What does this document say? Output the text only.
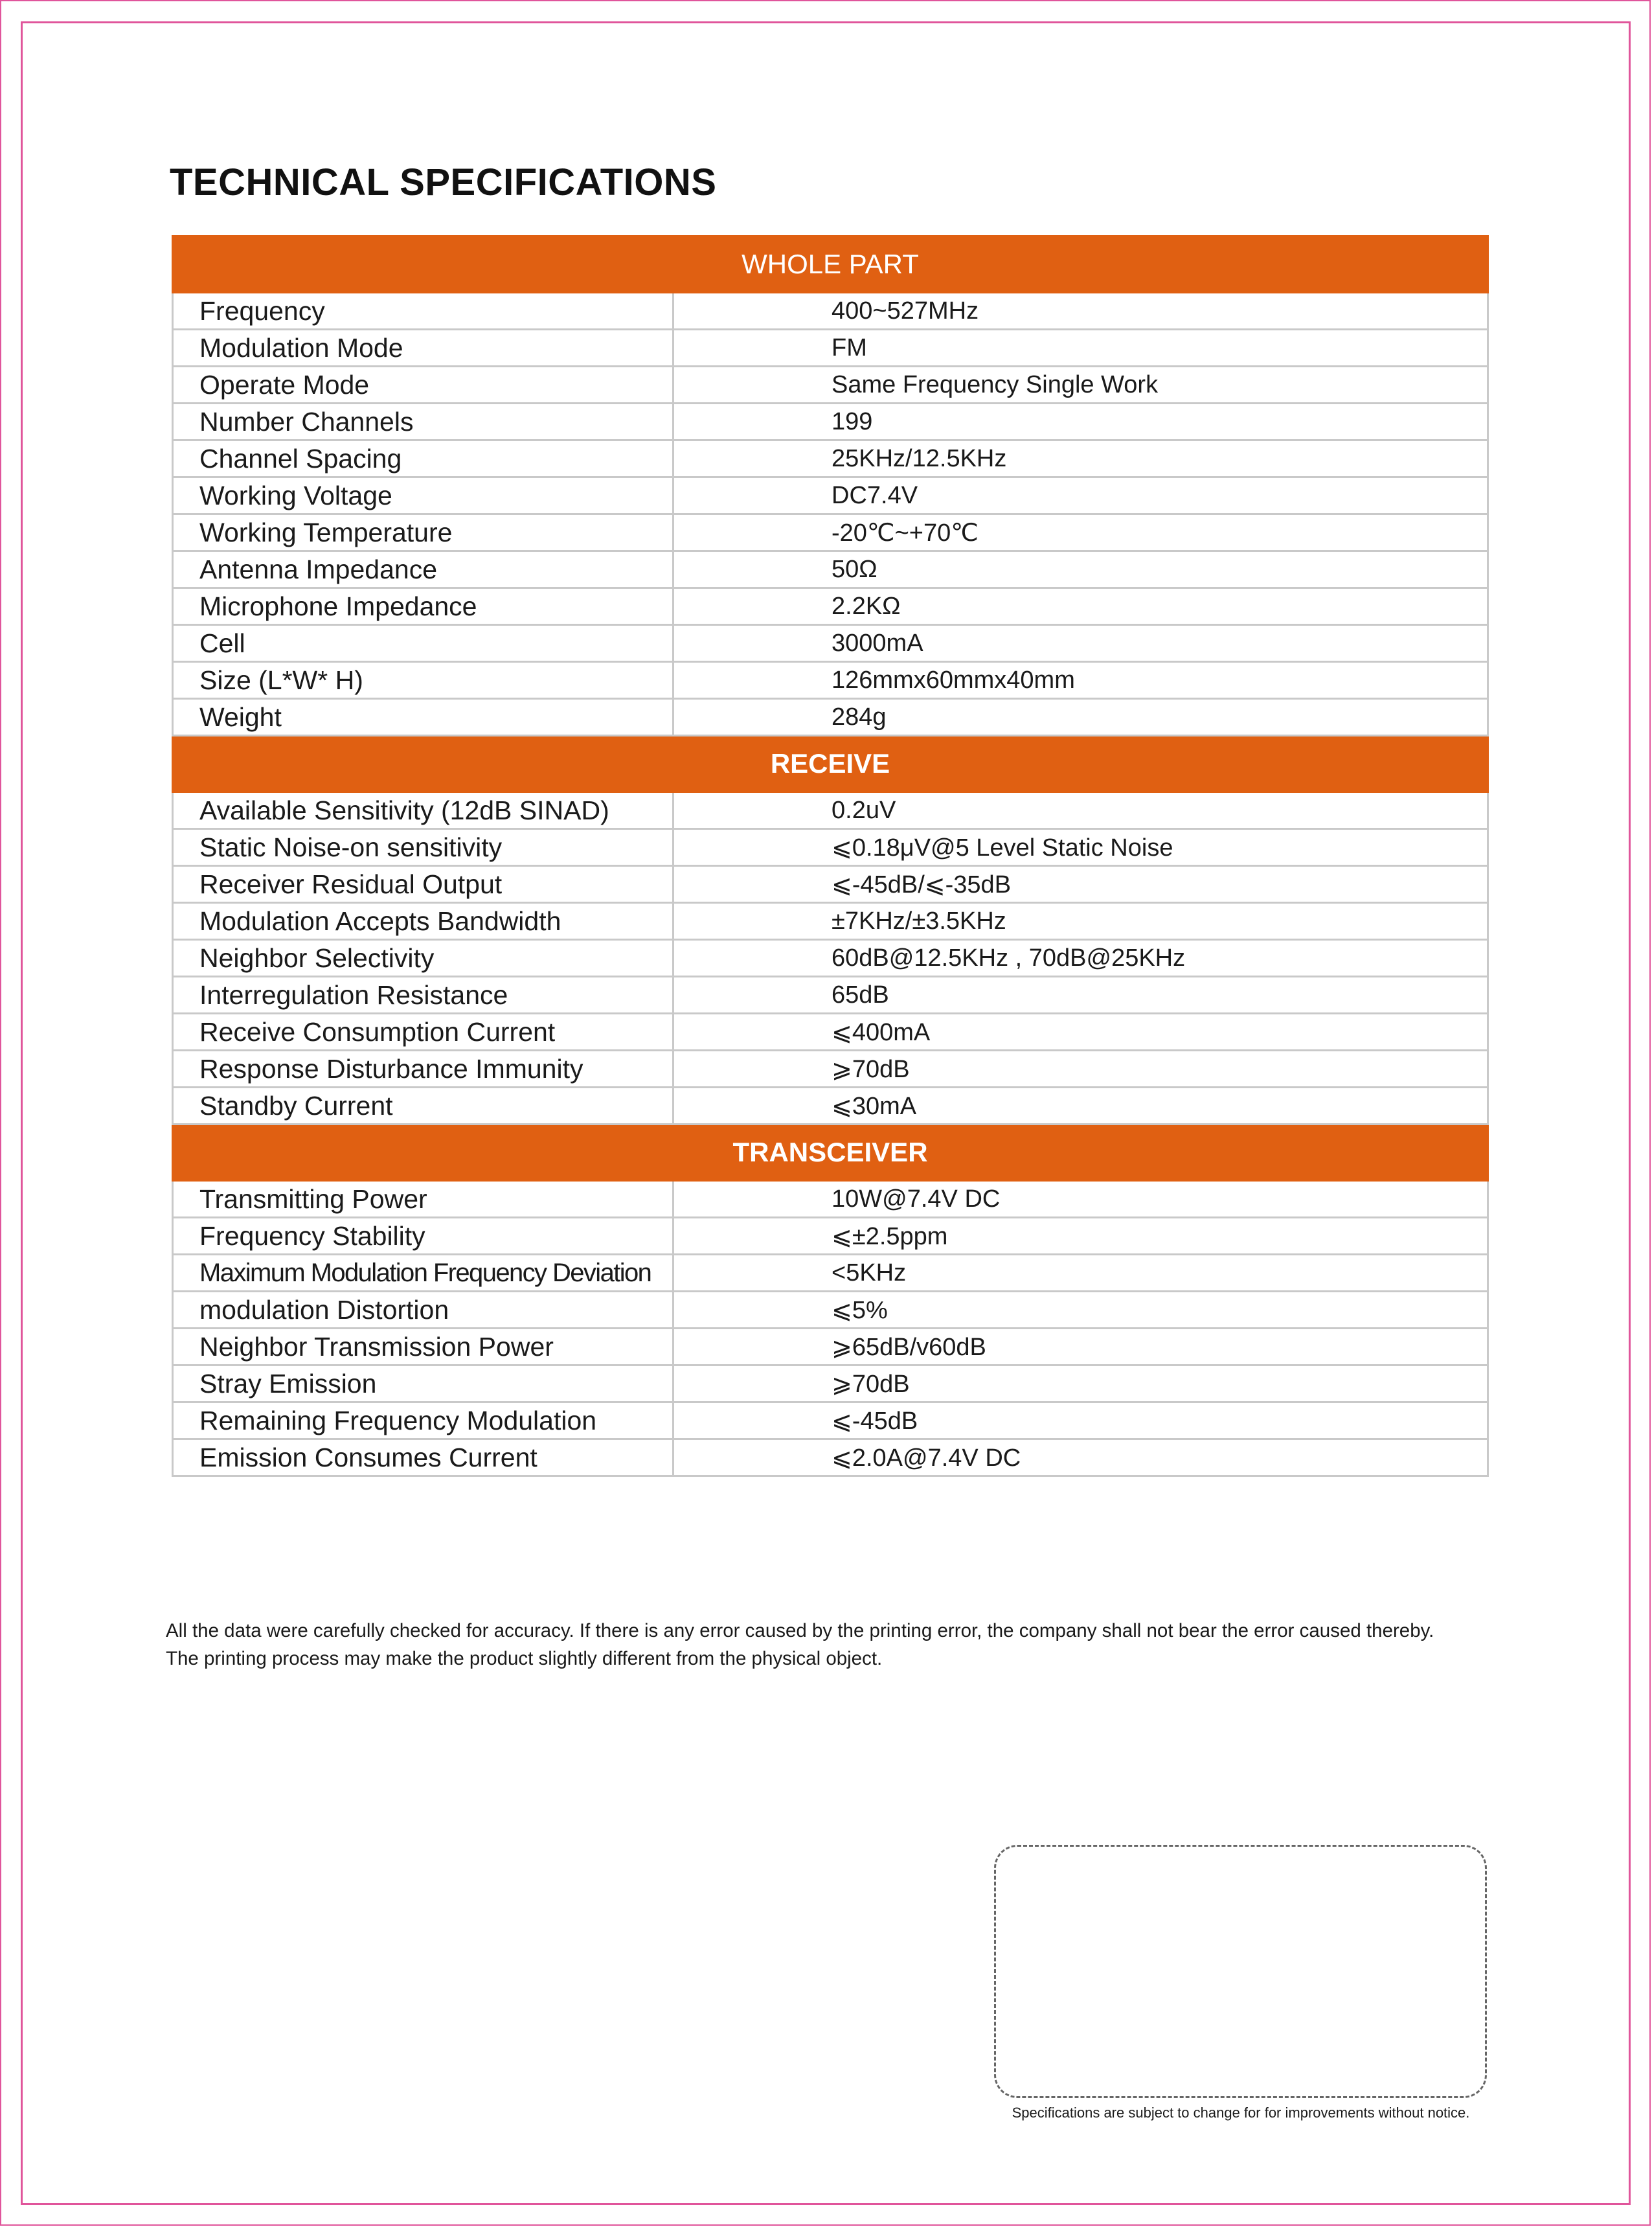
TECHNICAL SPECIFICATIONS
WHOLE PART	
Frequency	400~527MHz
Modulation Mode	FM
Operate Mode	Same Frequency Single Work
Number Channels	199
Channel Spacing	25KHz/12.5KHz
Working Voltage	DC7.4V
Working Temperature	-20℃~+70℃
Antenna Impedance	50Ω
Microphone Impedance	2.2KΩ
Cell	3000mA
Size (L*W* H)	126mmx60mmx40mm
Weight	284g
RECEIVE	
Available Sensitivity (12dB SINAD)	0.2uV
Static Noise-on sensitivity	⩽0.18μV@5 Level Static Noise
Receiver Residual Output	⩽-45dB/⩽-35dB
Modulation Accepts Bandwidth	±7KHz/±3.5KHz
Neighbor Selectivity	60dB@12.5KHz , 70dB@25KHz
Interregulation Resistance	65dB
Receive Consumption Current	⩽400mA
Response Disturbance Immunity	⩾70dB
Standby Current	⩽30mA
TRANSCEIVER	
Transmitting Power	10W@7.4V DC
Frequency Stability	⩽±2.5ppm
Maximum Modulation Frequency Deviation	<5KHz
modulation Distortion	⩽5%
Neighbor Transmission Power	⩾65dB/v60dB
Stray Emission	⩾70dB
Remaining Frequency Modulation	⩽-45dB
Emission Consumes Current	⩽2.0A@7.4V DC
All the data were carefully checked for accuracy. If there is any error caused by the printing error, the company shall not bear the error caused thereby.
The printing process may make the product slightly different from the physical object.
Specifications are subject to change for for improvements without notice.
